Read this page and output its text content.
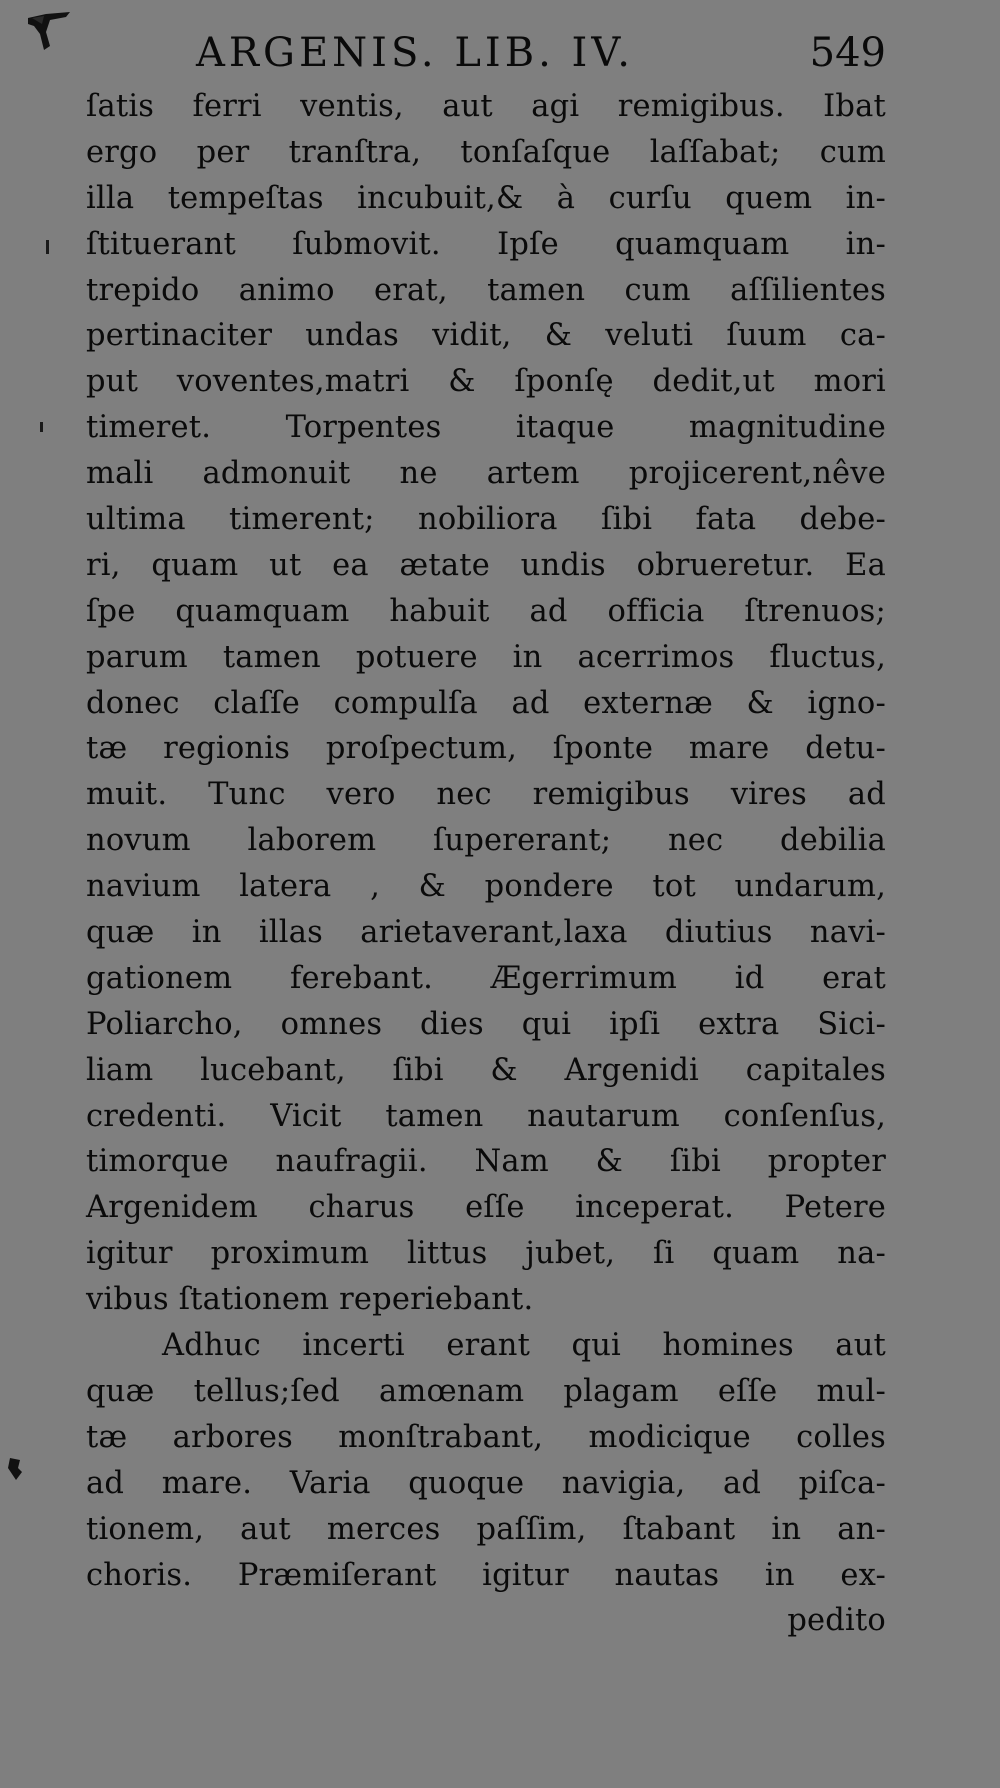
ARGENIS. LIB. IV.	549
ſatis ferri ventis, aut agi remigibus. Ibat
ergo per tranſtra, tonſaſque laſſabat; cum
illa tempeſtas incubuit,& à curſu quem in-
ſtituerant ſubmovit. Ipſe quamquam in-
trepido animo erat, tamen cum aſſilientes
pertinaciter undas vidit, & veluti ſuum ca-
put voventes,matri & ſponſę dedit,ut mori
timeret. Torpentes itaque magnitudine
mali admonuit ne artem projicerent,nêve
ultima timerent; nobiliora ſibi fata debe-
ri, quam ut ea ætate undis obrueretur. Ea
ſpe quamquam habuit ad officia ſtrenuos;
parum tamen potuere in acerrimos fluctus,
donec claſſe compulſa ad externæ & igno-
tæ regionis proſpectum, ſponte mare detu-
muit. Tunc vero nec remigibus vires ad
novum laborem ſupererant; nec debilia
navium latera , & pondere tot undarum,
quæ in illas arietaverant,laxa diutius navi-
gationem ferebant. Ægerrimum id erat
Poliarcho, omnes dies qui ipſi extra Sici-
liam lucebant, ſibi & Argenidi capitales
credenti. Vicit tamen nautarum conſenſus,
timorque naufragii. Nam & ſibi propter
Argenidem charus eſſe inceperat. Petere
igitur proximum littus jubet, ſi quam na-
vibus ſtationem reperiebant.
Adhuc incerti erant qui homines aut
quæ tellus;ſed amœnam plagam eſſe mul-
tæ arbores monſtrabant, modicique colles
ad mare. Varia quoque navigia, ad piſca-
tionem, aut merces paſſim, ſtabant in an-
choris. Præmiſerant igitur nautas in ex-
pedito
